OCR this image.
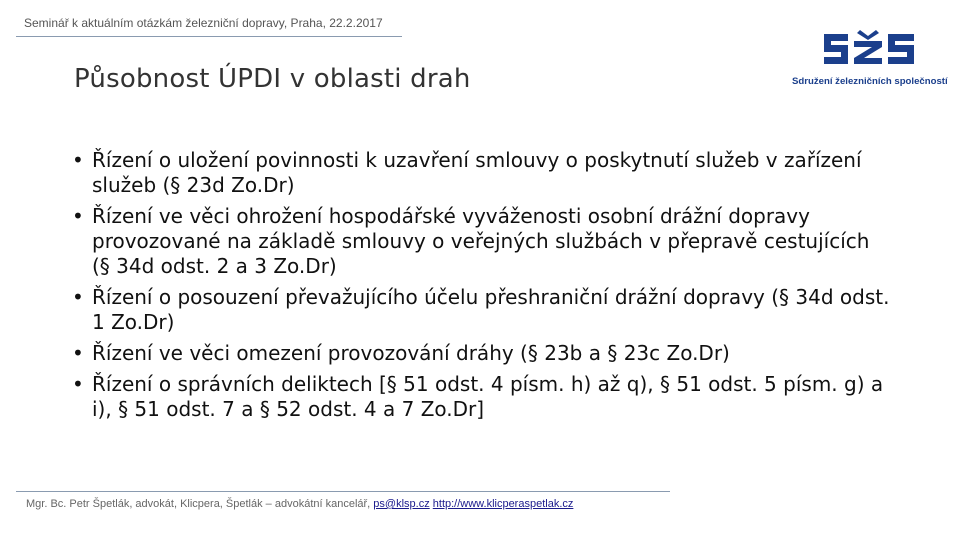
Seminář k aktuálním otázkám železniční dopravy, Praha, 22.2.2017
Působnost ÚPDI v oblasti drah	Sdružení železničních společností
• Řízení o uložení povinnosti k uzavření smlouvy o poskytnutí služeb v zařízení služeb (§ 23d Zo.Dr)
• Řízení ve věci ohrožení hospodářské vyváženosti osobní drážní dopravy provozované na základě smlouvy o veřejných službách v přepravě cestujících (§ 34d odst. 2 a 3 Zo.Dr)
• Řízení o posouzení převažujícího účelu přeshraniční drážní dopravy (§ 34d odst. 1 Zo.Dr)
• Řízení ve věci omezení provozování dráhy (§ 23b a § 23c Zo.Dr)
• Řízení o správních deliktech [§ 51 odst. 4 písm. h) až q), § 51 odst. 5 písm. g) a i), § 51 odst. 7 a § 52 odst. 4 a 7 Zo.Dr]
Mgr. Bc. Petr Špetlák, advokát, Klicpera, Špetlák – advokátní kancelář, ps@klsp.cz http://www.klicperaspetlak.cz
